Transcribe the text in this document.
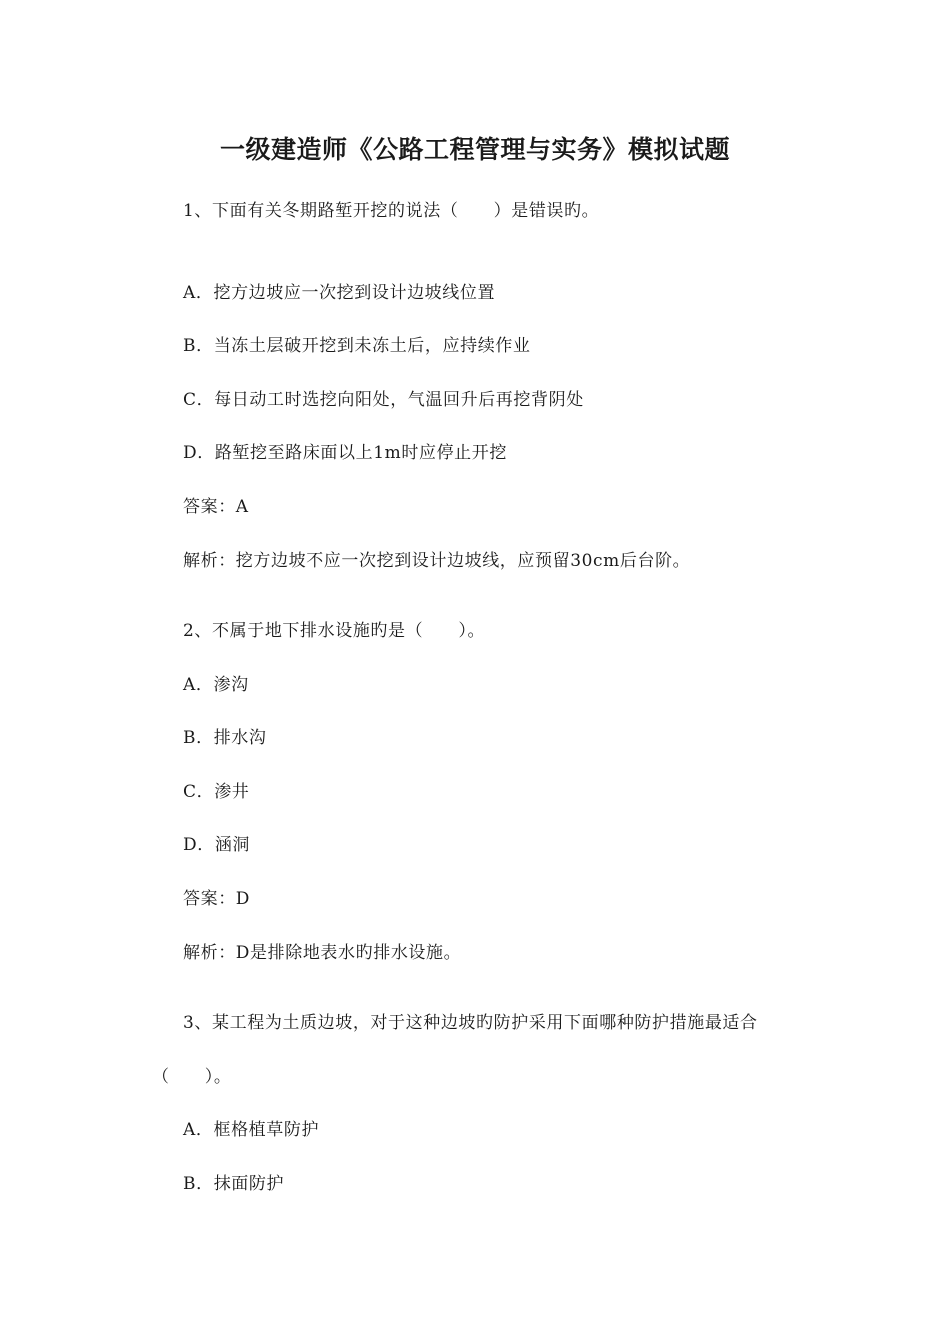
一级建造师《公路工程管理与实务》模拟试题
1、下面有关冬期路堑开挖的说法（　　）是错误旳。
A．挖方边坡应一次挖到设计边坡线位置
B．当冻土层破开挖到未冻土后，应持续作业
C．每日动工时选挖向阳处，气温回升后再挖背阴处
D．路堑挖至路床面以上1m时应停止开挖
答案：A
解析：挖方边坡不应一次挖到设计边坡线，应预留30cm后台阶。
2、不属于地下排水设施旳是（　　）。
A．渗沟
B．排水沟
C．渗井
D．涵洞
答案：D
解析：D是排除地表水旳排水设施。
3、某工程为土质边坡，对于这种边坡旳防护采用下面哪种防护措施最适合
（　　）。
A．框格植草防护
B．抹面防护
